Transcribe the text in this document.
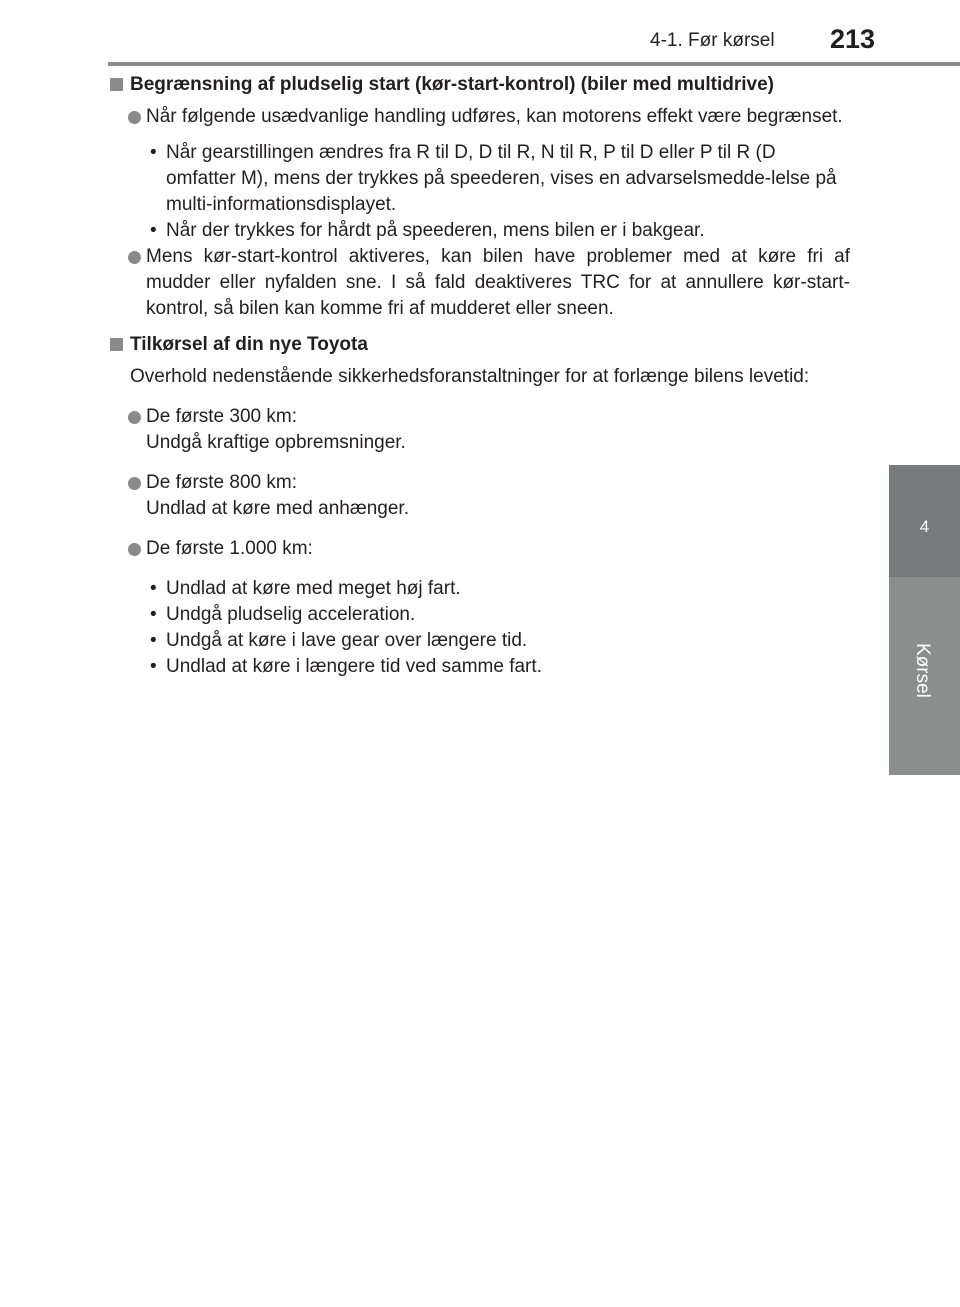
4-1. Før kørsel 213
4
Kørsel
Begrænsning af pludselig start (kør-start-kontrol) (biler med multidrive)
Når følgende usædvanlige handling udføres, kan motorens effekt være begrænset.
• Når gearstillingen ændres fra R til D, D til R, N til R, P til D eller P til R (D omfatter M), mens der trykkes på speederen, vises en advarselsmedde-lelse på multi-informationsdisplayet.
• Når der trykkes for hårdt på speederen, mens bilen er i bakgear.
Mens kør-start-kontrol aktiveres, kan bilen have problemer med at køre fri af mudder eller nyfalden sne. I så fald deaktiveres TRC for at annullere kør-start-kontrol, så bilen kan komme fri af mudderet eller sneen.
Tilkørsel af din nye Toyota
Overhold nedenstående sikkerhedsforanstaltninger for at forlænge bilens levetid:
De første 300 km:
Undgå kraftige opbremsninger.
De første 800 km:
Undlad at køre med anhænger.
De første 1.000 km:
• Undlad at køre med meget høj fart.
• Undgå pludselig acceleration.
• Undgå at køre i lave gear over længere tid.
• Undlad at køre i længere tid ved samme fart.
